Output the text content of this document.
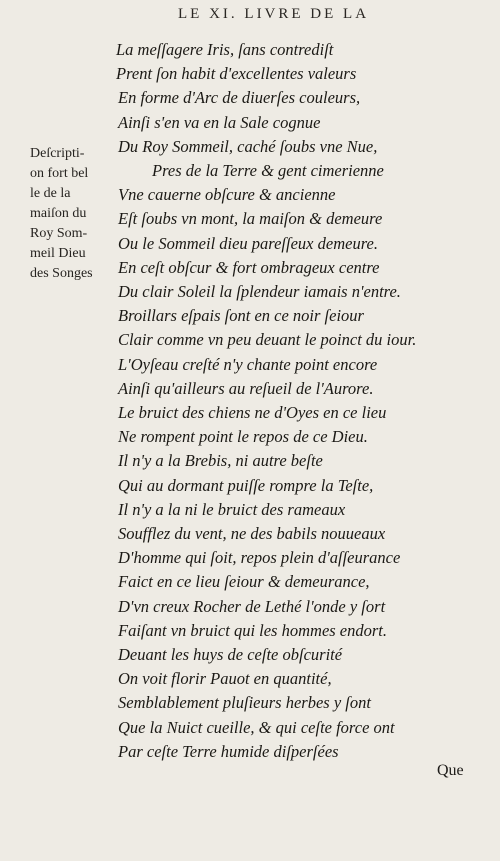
LE XI. LIVRE DE LA
La meſſagere Iris, ſans contrediſt
Prent ſon habit d'excellentes valeurs
En forme d'Arc de diuerſes couleurs,
Ainſi s'en va en la Sale cognue
Du Roy Sommeil, caché ſoubs vne Nue,
Pres de la Terre & gent cimerienne
Vne cauerne obſcure & ancienne
Eſt ſoubs vn mont, la maiſon & demeure
Ou le Sommeil dieu pareſſeux demeure.
En ceſt obſcur & fort ombrageux centre
Du clair Soleil la ſplendeur iamais n'entre.
Broillars eſpais ſont en ce noir ſeiour
Clair comme vn peu deuant le poinct du iour.
L'Oyſeau creſté n'y chante point encore
Ainſi qu'ailleurs au reſueil de l'Aurore.
Le bruict des chiens ne d'Oyes en ce lieu
Ne rompent point le repos de ce Dieu.
Il n'y a la Brebis, ni autre beſte
Qui au dormant puiſſe rompre la Teſte,
Il n'y a la ni le bruict des rameaux
Soufflez du vent, ne des babils nouueaux
D'homme qui ſoit, repos plein d'aſſeurance
Faict en ce lieu ſeiour & demeurance,
D'vn creux Rocher de Lethé l'onde y ſort
Faiſant vn bruict qui les hommes endort.
Deuant les huys de ceſte obſcurité
On voit florir Pauot en quantité,
Semblablement pluſieurs herbes y ſont
Que la Nuict cueille, & qui ceſte force ont
Par ceſte Terre humide diſperſées
Deſcripti-
on fort bel
le de la
maiſon du
Roy Som-
meil Dieu
des Songes
Que
